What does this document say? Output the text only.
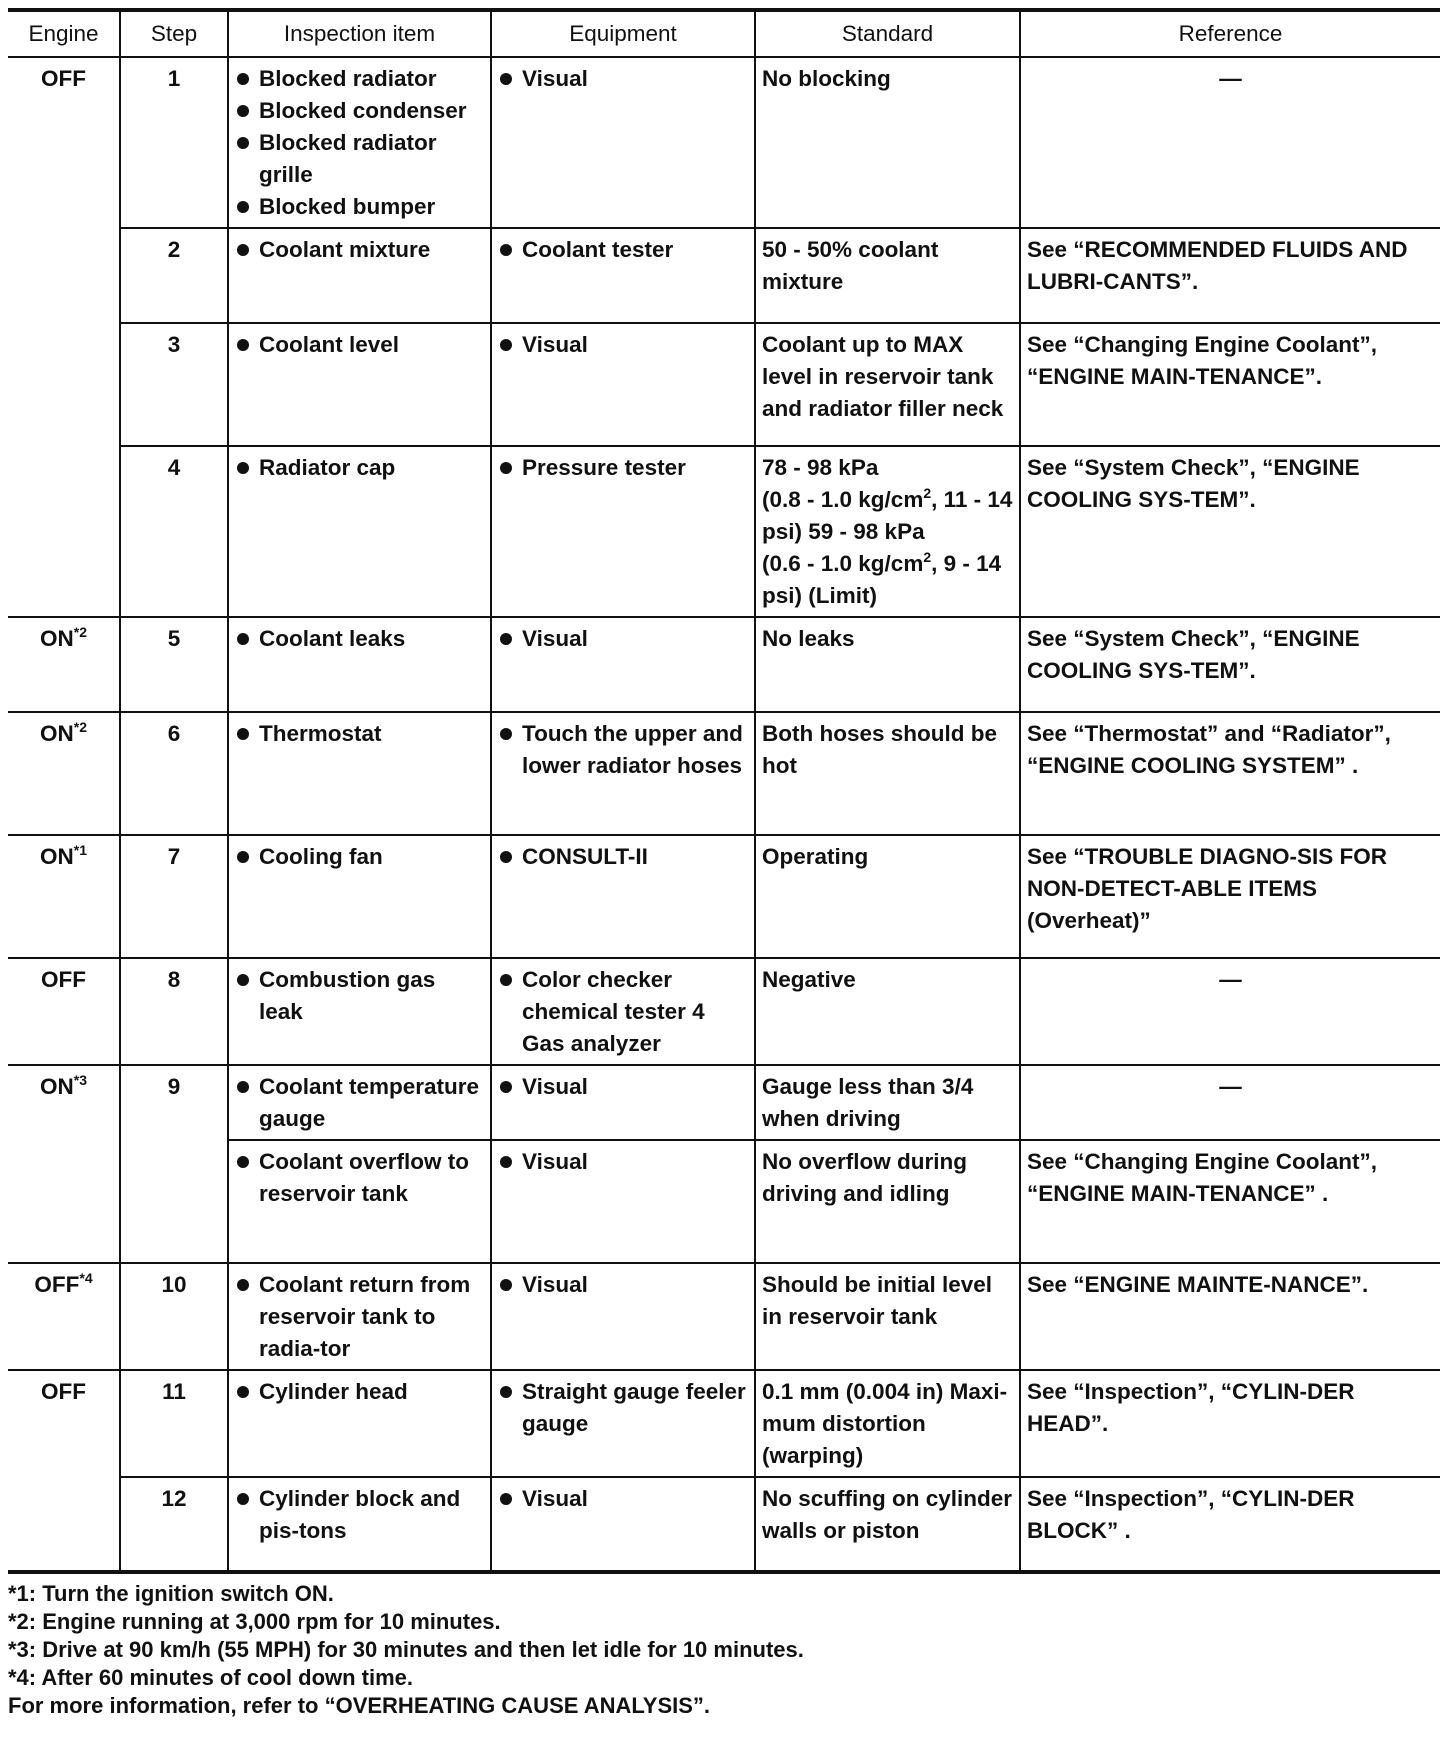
Engine	Step	Inspection item	Equipment	Standard	Reference
OFF	1	Blocked radiator
Blocked condenser
Blocked radiator grille
Blocked bumper	Visual	No blocking	—
	2	Coolant mixture	Coolant tester	50 - 50% coolant mixture	See “RECOMMENDED FLUIDS AND LUBRI-CANTS”.
	3	Coolant level	Visual	Coolant up to MAX level in reservoir tank and radiator filler neck	See “Changing Engine Coolant”, “ENGINE MAIN-TENANCE”.
	4	Radiator cap	Pressure tester	78 - 98 kPa
(0.8 - 1.0 $kg/cm^2$, 11 - 14 psi) 59 - 98 kPa
(0.6 - 1.0 $kg/cm^2$, 9 - 14 psi) (Limit)	See “System Check”, “ENGINE COOLING SYS-TEM”.
ON$^{*2}$	5	Coolant leaks	Visual	No leaks	See “System Check”, “ENGINE COOLING SYS-TEM”.
ON$^{*2}$	6	Thermostat	Touch the upper and lower radiator hoses	Both hoses should be hot	See “Thermostat” and “Radiator”, “ENGINE COOLING SYSTEM” .
ON$^{*1}$	7	Cooling fan	CONSULT-II	Operating	See “TROUBLE DIAGNO-SIS FOR NON-DETECT-ABLE ITEMS (Overheat)”
OFF	8	Combustion gas leak	Color checker chemical tester 4 Gas analyzer	Negative	—
ON$^{*3}$	9	Coolant temperature gauge	Visual	Gauge less than 3/4 when driving	—

		Coolant overflow to reservoir tank	Visual	No overflow during driving and idling	See “Changing Engine Coolant”, “ENGINE MAIN-TENANCE” .
OFF$^{*4}$	10	Coolant return from reservoir tank to radia-tor	Visual	Should be initial level in reservoir tank	See “ENGINE MAINTE-NANCE”.
OFF	11	Cylinder head	Straight gauge feeler gauge	0.1 mm (0.004 in) Maxi-mum distortion (warping)	See “Inspection”, “CYLIN-DER HEAD”.
	12	Cylinder block and pis-tons	Visual	No scuffing on cylinder walls or piston	See “Inspection”, “CYLIN-DER BLOCK” .
*1: Turn the ignition switch ON.
*2: Engine running at 3,000 rpm for 10 minutes.
*3: Drive at 90 km/h (55 MPH) for 30 minutes and then let idle for 10 minutes.
*4: After 60 minutes of cool down time.
For more information, refer to “OVERHEATING CAUSE ANALYSIS”.
